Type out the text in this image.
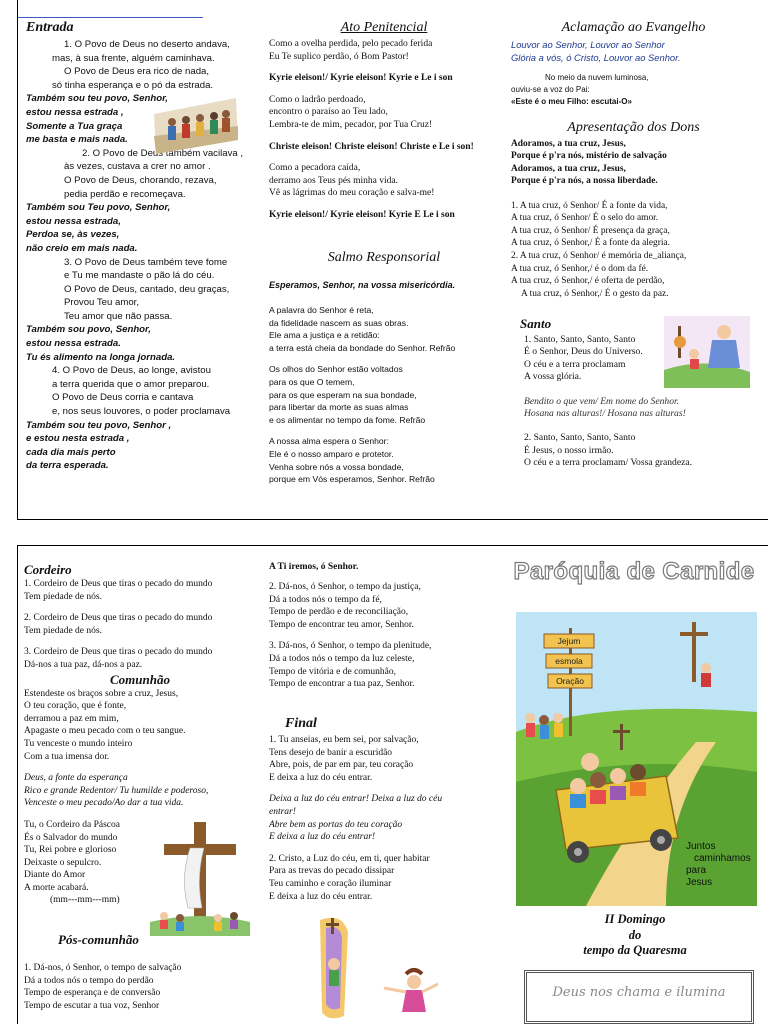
Entrada

1. O Povo de Deus no deserto andava,

mas, à sua frente, alguém caminhava.

O Povo de Deus era rico de nada,

só tinha esperança e o pó da estrada.

Também sou teu povo, Senhor,

estou nessa estrada ,

Somente a Tua graça

me basta e mais nada.

2. O Povo de Deus também vacilava ,

às vezes, custava a crer no amor .

O Povo de Deus, chorando, rezava,

pedia perdão e recomeçava.

Também sou Teu povo, Senhor,

estou nessa estrada,

Perdoa se, às vezes,

não creio em mais nada.

3. O Povo de Deus também teve fome

e Tu me mandaste o pão lá do céu.

O Povo de Deus, cantado, deu graças,

Provou Teu amor,

Teu amor que não passa.

Também sou povo, Senhor,

estou nessa estrada.

Tu és alimento na longa jornada.

4. O Povo de Deus, ao longe, avistou

a terra querida que o amor preparou.

O Povo de Deus corria e cantava

e, nos seus louvores, o poder proclamava

Também sou teu povo, Senhor ,

e estou nesta estrada ,

cada dia mais perto

da terra esperada.

Ato Penitencial

Como a ovelha perdida, pelo pecado ferida

Eu Te suplico perdão, ó Bom Pastor!

Kyrie eleison!/ Kyrie eleison! Kyrie e Le i son

Como o ladrão perdoado,

encontro o paraíso ao Teu lado,

Lembra-te de mim, pecador, por Tua Cruz!

Christe eleison! Christe eleison! Christe e Le i son!

Como a pecadora caída,

derramo aos Teus pés minha vida.

Vê as lágrimas do meu coração e salva-me!

Kyrie eleison!/ Kyrie eleison! Kyrie E Le i son

Salmo Responsorial

Esperamos, Senhor, na vossa misericórdia.

A palavra do Senhor é reta,

da fidelidade nascem as suas obras.

Ele ama a justiça e a retidão:

a terra está cheia da bondade do Senhor. Refrão

Os olhos do Senhor estão voltados

para os que O temem,

para os que esperam na sua bondade,

para libertar da morte as suas almas

e os alimentar no tempo da fome. Refrão

A nossa alma espera o Senhor:

Ele é o nosso amparo e protetor.

Venha sobre nós a vossa bondade,

porque em Vós esperamos, Senhor. Refrão

Aclamação ao Evangelho

Louvor ao Senhor, Louvor ao Senhor

Glória a vós, ó Cristo, Louvor ao Senhor.

No meio da nuvem luminosa,

ouviu-se a voz do Pai:

«Este é o meu Filho: escutai-O»

Apresentação dos Dons

Adoramos, a tua cruz, Jesus,

Porque é p'ra nós, mistério de salvação

Adoramos, a tua cruz, Jesus,

Porque é p'ra nós, a nossa liberdade.

1. A tua cruz, ó Senhor/ É a fonte da vida,

A tua cruz, ó Senhor/ É o selo do amor.

A tua cruz, ó Senhor/ É presença da graça,

A tua cruz, ó Senhor,/ É a fonte da alegria.

2. A tua cruz, ó Senhor/ é memória de_aliança,

A tua cruz, ó Senhor,/ é o dom da fé.

A tua cruz, ó Senhor,/ é oferta de perdão,

A tua cruz, ó Senhor,/ É o gesto da paz.

Santo

1. Santo, Santo, Santo, Santo

É o Senhor, Deus do Universo.

O céu e a terra proclamam

A vossa glória.

Bendito o que vem/ Em nome do Senhor.

Hosana nas alturas!/ Hosana nas alturas!

2. Santo, Santo, Santo, Santo

É Jesus, o nosso irmão.

O céu e a terra proclamam/ Vossa grandeza.

Cordeiro

1. Cordeiro de Deus que tiras o pecado do mundo

Tem piedade de nós.

2. Cordeiro de Deus que tiras o pecado do mundo

Tem piedade de nós.

3. Cordeiro de Deus que tiras o pecado do mundo

Dá-nos a tua paz, dá-nos a paz.

Comunhão

Estendeste os braços sobre a cruz, Jesus,

O teu coração, que é fonte,

derramou a paz em mim,

Apagaste o meu pecado com o teu sangue.

Tu venceste o mundo inteiro

Com a tua imensa dor.

Deus, a fonte da esperança

Rico e grande Redentor/ Tu humilde e poderoso,

Venceste o meu pecado/Ao dar a tua vida.

Tu, o Cordeiro da Páscoa

És o Salvador do mundo

Tu, Rei pobre e glorioso

Deixaste o sepulcro.

Diante do Amor

A morte acabará.

(mm---mm---mm)

Pós-comunhão

1. Dá-nos, ó Senhor, o tempo de salvação

Dá a todos nós o tempo do perdão

Tempo de esperança e de conversão

Tempo de escutar a tua voz, Senhor

A Ti iremos, ó Senhor.

2. Dá-nos, ó Senhor, o tempo da justiça,

Dá a todos nós o tempo da fé,

Tempo de perdão e de reconciliação,

Tempo de encontrar teu amor, Senhor.

3. Dá-nos, ó Senhor, o tempo da plenitude,

Dá a todos nós o tempo da luz celeste,

Tempo de vitória e de comunhão,

Tempo de encontrar a tua paz, Senhor.

Final

1. Tu anseias, eu bem sei, por salvação,

Tens desejo de banir a escuridão

Abre, pois, de par em par, teu coração

E deixa a luz do céu entrar.

Deixa a luz do céu entrar! Deixa a luz do céu

entrar!

Abre bem as portas do teu coração

E deixa a luz do céu entrar!

2. Cristo, a Luz do céu, em ti, quer habitar

Para as trevas do pecado dissipar

Teu caminho e coração iluminar

E deixa a luz do céu entrar.

Paróquia de Carnide
Jejum
esmola
Oração
Juntos
caminhamos
para
Jesus

II Domingo

do

tempo da Quaresma

Deus nos chama e ilumina
